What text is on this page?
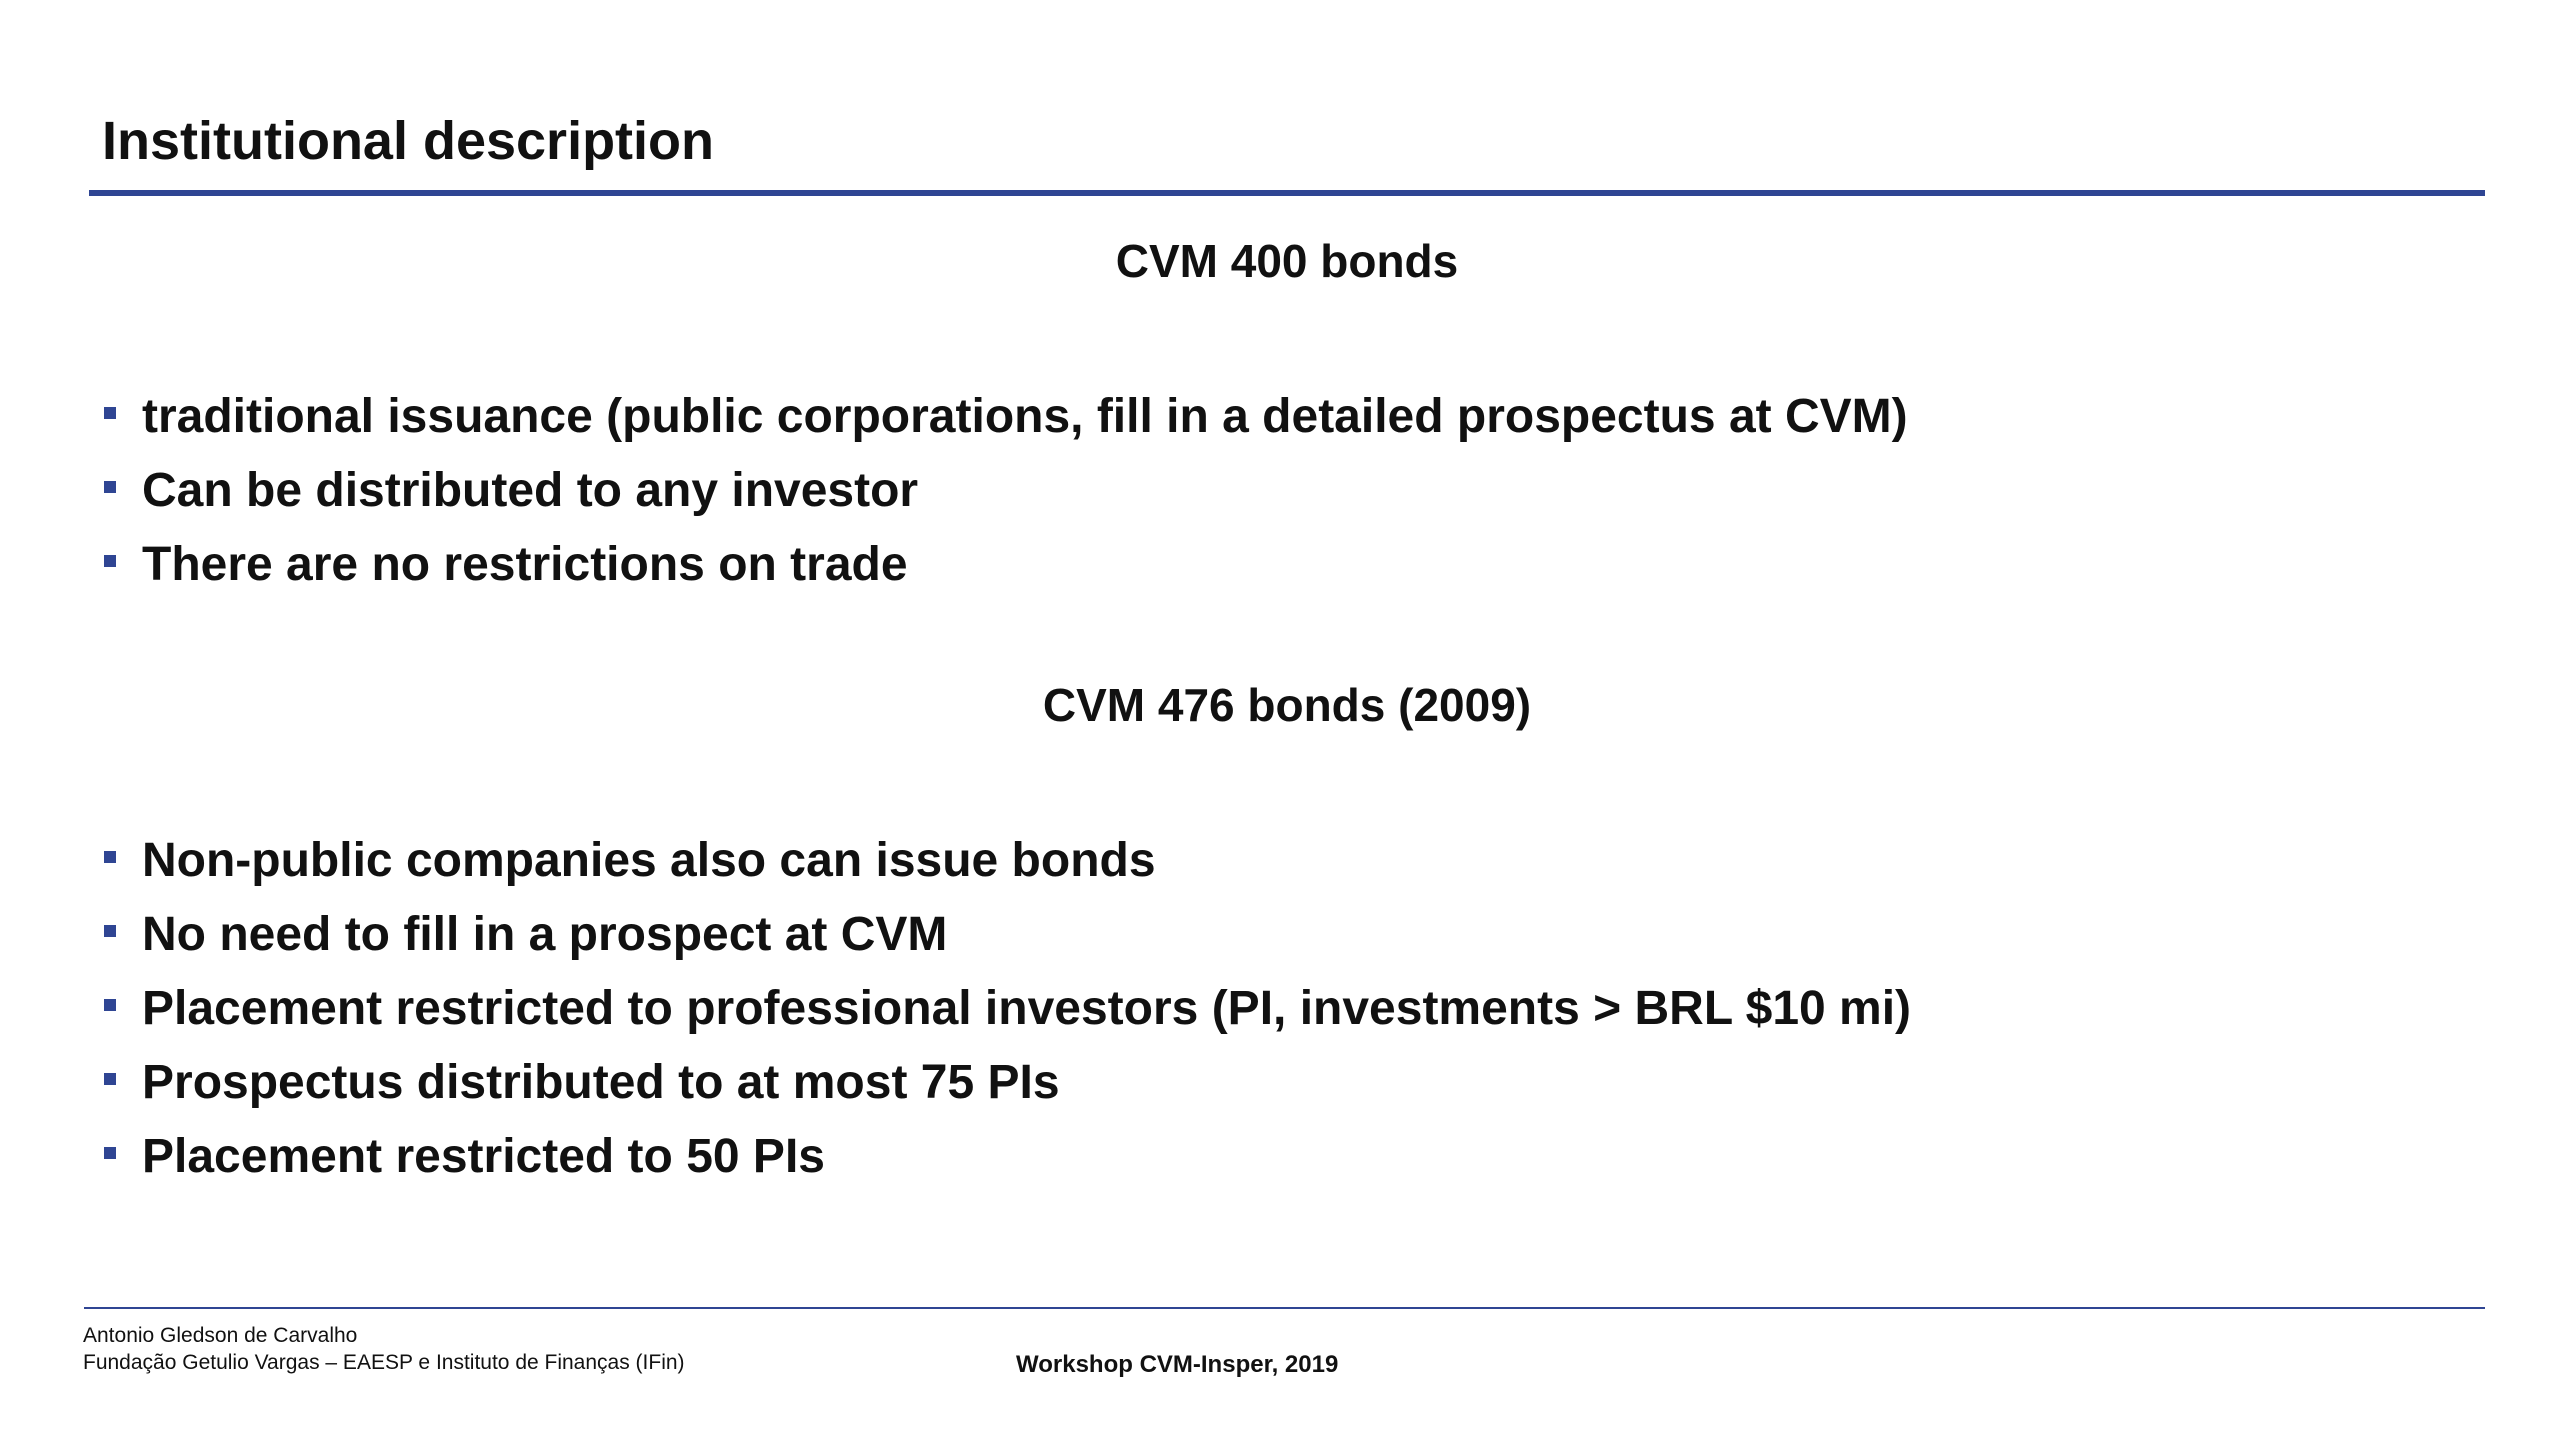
Institutional description
CVM 400 bonds
traditional issuance (public corporations, fill in a detailed prospectus at CVM)
Can be distributed to any investor
There are no restrictions on trade
CVM 476 bonds (2009)
Non-public companies also can issue bonds
No need to fill in a prospect at CVM
Placement restricted to professional investors (PI, investments > BRL $10 mi)
Prospectus distributed to at most 75 PIs
Placement restricted to 50 PIs
Antonio Gledson de Carvalho
Fundação Getulio Vargas – EAESP e Instituto de Finanças (IFin)	Workshop CVM-Insper, 2019
